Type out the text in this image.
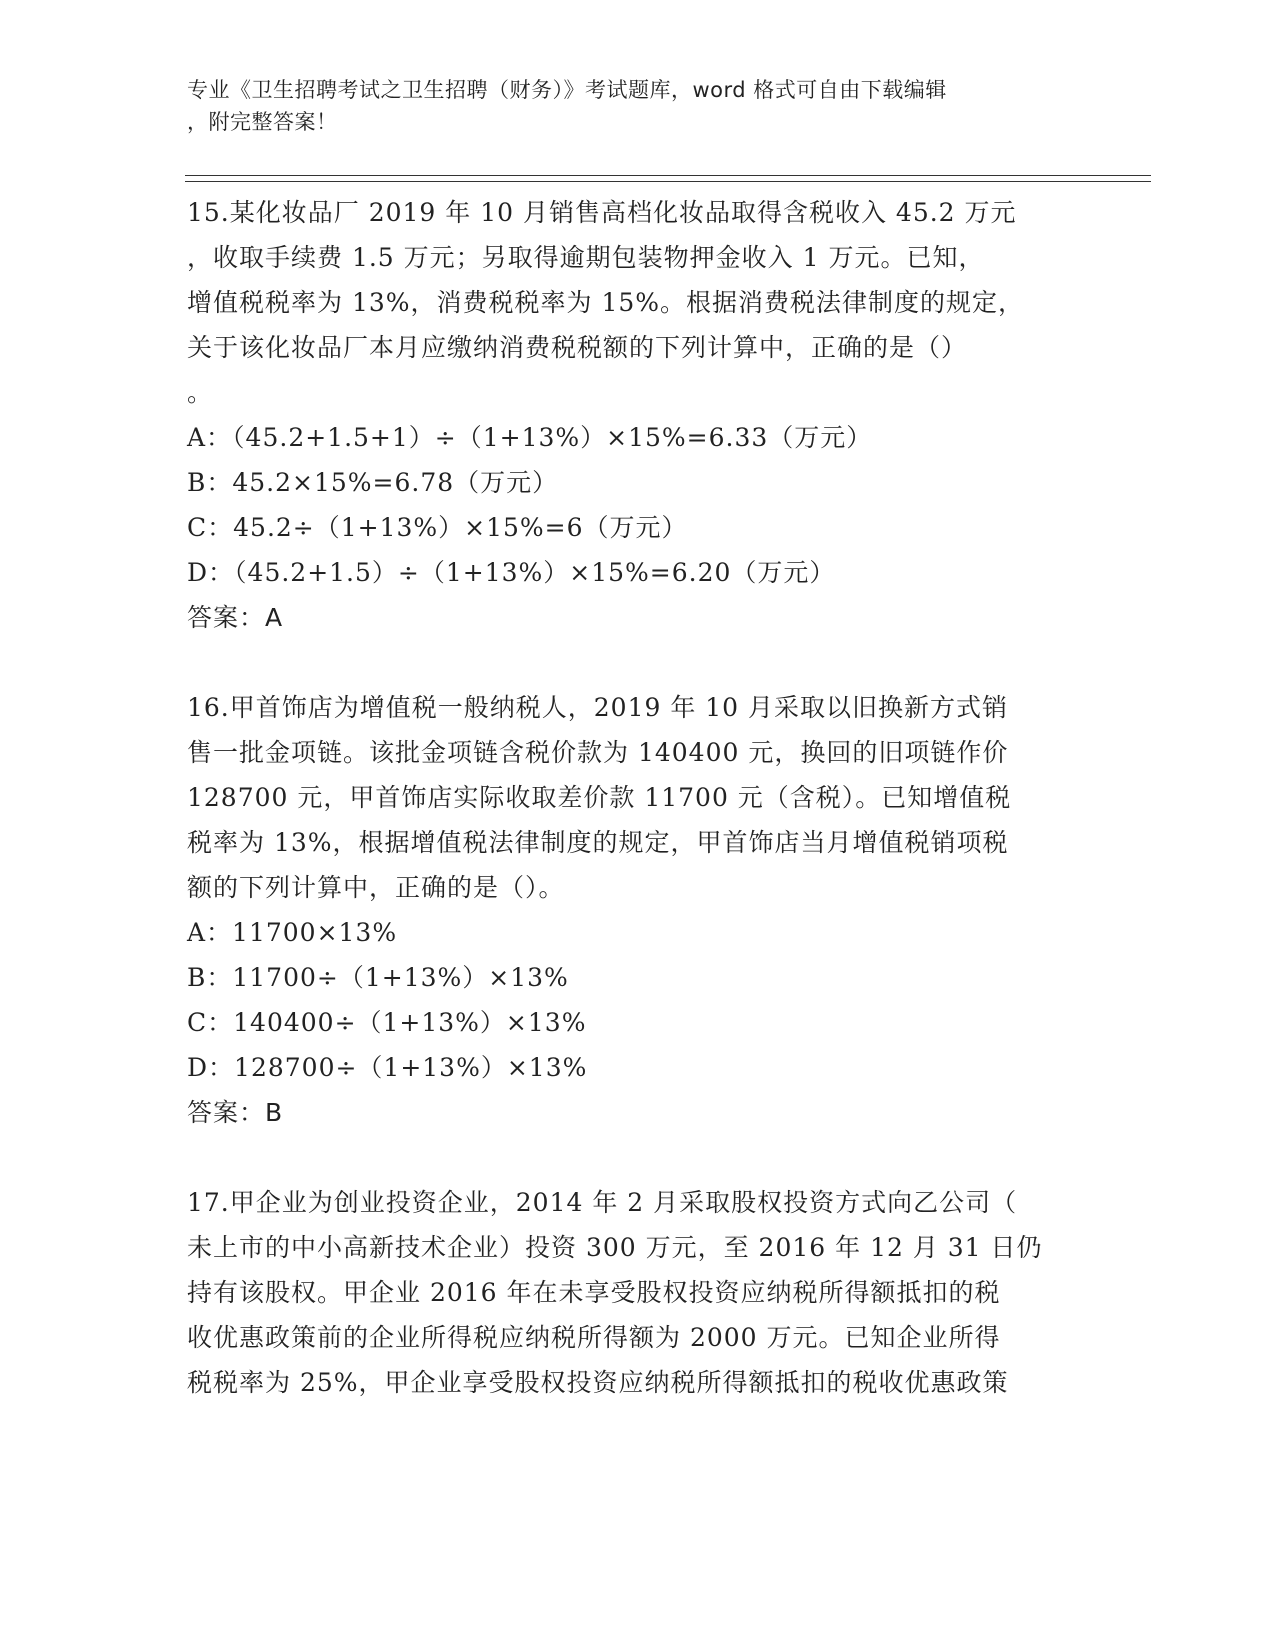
专业《卫生招聘考试之卫生招聘（财务）》考试题库，word 格式可自由下载编辑
，附完整答案！
15.某化妆品厂 2019 年 10 月销售高档化妆品取得含税收入 45.2 万元
，收取手续费 1.5 万元；另取得逾期包装物押金收入 1 万元。已知，
增值税税率为 13%，消费税税率为 15%。根据消费税法律制度的规定，
关于该化妆品厂本月应缴纳消费税税额的下列计算中，正确的是（）
。
A：（45.2+1.5+1）÷（1+13%）×15%=6.33（万元）
B：45.2×15%=6.78（万元）
C：45.2÷（1+13%）×15%=6（万元）
D：（45.2+1.5）÷（1+13%）×15%=6.20（万元）
答案：A
16.甲首饰店为增值税一般纳税人，2019 年 10 月采取以旧换新方式销
售一批金项链。该批金项链含税价款为 140400 元，换回的旧项链作价
128700 元，甲首饰店实际收取差价款 11700 元（含税）。已知增值税
税率为 13%，根据增值税法律制度的规定，甲首饰店当月增值税销项税
额的下列计算中，正确的是（）。
A：11700×13%
B：11700÷（1+13%）×13%
C：140400÷（1+13%）×13%
D：128700÷（1+13%）×13%
答案：B
17.甲企业为创业投资企业，2014 年 2 月采取股权投资方式向乙公司（
未上市的中小高新技术企业）投资 300 万元，至 2016 年 12 月 31 日仍
持有该股权。甲企业 2016 年在未享受股权投资应纳税所得额抵扣的税
收优惠政策前的企业所得税应纳税所得额为 2000 万元。已知企业所得
税税率为 25%，甲企业享受股权投资应纳税所得额抵扣的税收优惠政策
